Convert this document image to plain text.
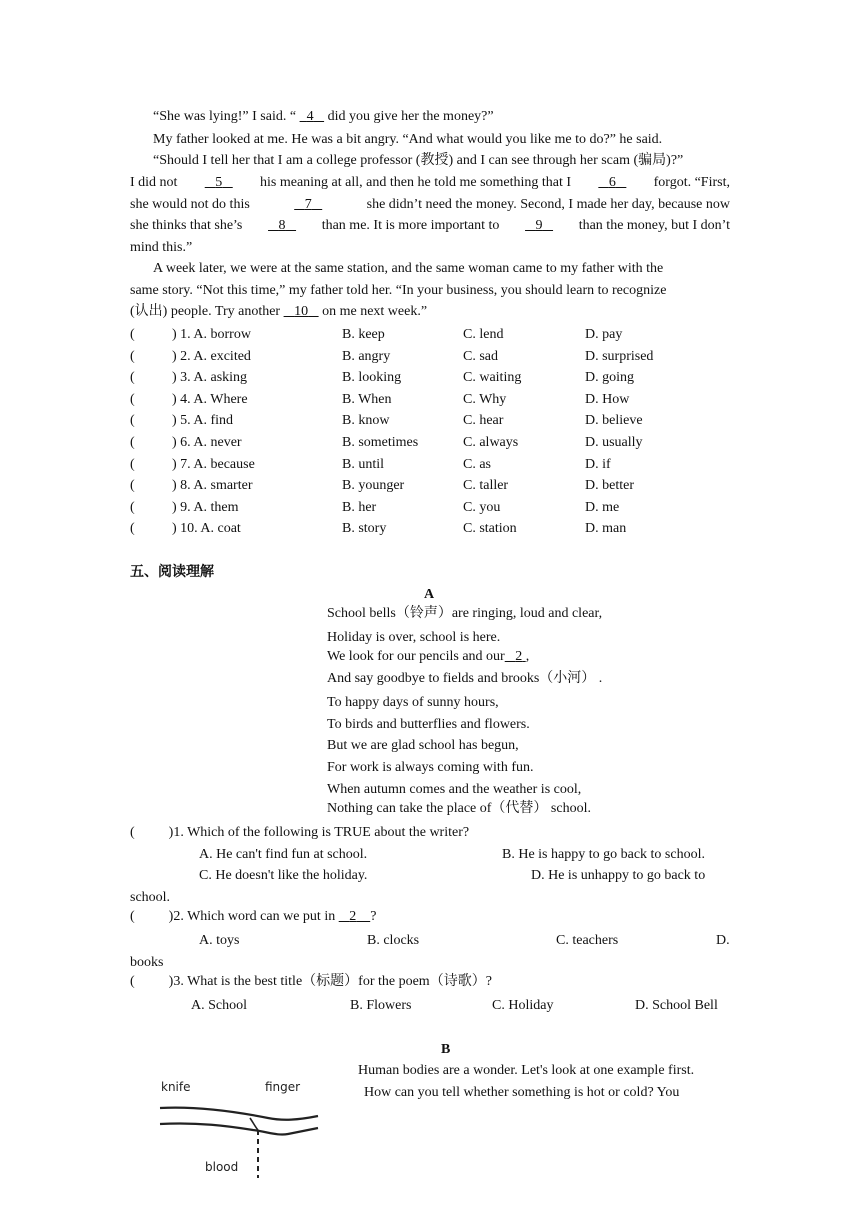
“She was lying!” I said. “ 4 did you give her the money?”
My father looked at me. He was a bit angry. “And what would you like me to do?” he said.
“Should I tell her that I am a college professor (教授) and I can see through her scam (骗局)?”
I did not	5	his meaning at all, and then he told me something that I	6	forgot. “First,
she would not do this	7	she didn’t need the money. Second, I made her day, because now
she thinks that she’s	8	than me. It is more important to	9	than the money, but I don’t
mind this.”
A week later, we were at the same station, and the same woman came to my father with the
same story. “Not this time,” my father told her. “In your business, you should learn to recognize
(认出) people. Try another 10 on me next week.”
(	) 1. A. borrow	B. keep	C. lend	D. pay
(	) 2. A. excited	B. angry	C. sad	D. surprised
(	) 3. A. asking	B. looking	C. waiting	D. going
(	) 4. A. Where	B. When	C. Why	D. How
(	) 5. A. find	B. know	C. hear	D. believe
(	) 6. A. never	B. sometimes	C. always	D. usually
(	) 7. A. because	B. until	C. as	D. if
(	) 8. A. smarter	B. younger	C. taller	D. better
(	) 9. A. them	B. her	C. you	D. me
(	) 10. A. coat	B. story	C. station	D. man
五、阅读理解
A
School bells（铃声）are ringing, loud and clear,
Holiday is over, school is here.
We look for our pencils and our 2 ,
And say goodbye to fields and brooks（小河） .
To happy days of sunny hours,
To birds and butterflies and flowers.
But we are glad school has begun,
For work is always coming with fun.
When autumn comes and the weather is cool,
Nothing can take the place of（代替） school.
( )1. Which of the following is TRUE about the writer?
A. He can't find fun at school.	B. He is happy to go back to school.
C. He doesn't like the holiday.	D. He is unhappy to go back to
school.
( )2. Which word can we put in 2 ?
A. toys	B. clocks	C. teachers	D.
books
( )3. What is the best title（标题）for the poem（诗歌）?
A. School	B. Flowers	C. Holiday	D. School Bell
B
Human bodies are a wonder. Let's look at one example first.
How can you tell whether something is hot or cold? You
knife	finger
blood
